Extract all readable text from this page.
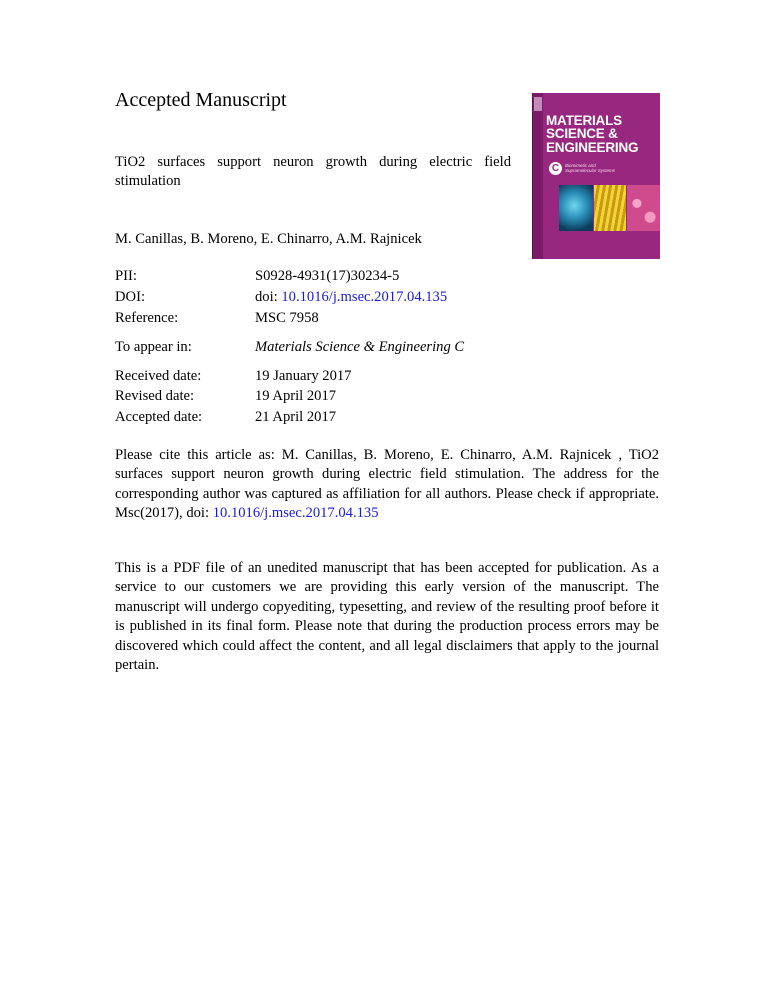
Accepted Manuscript
TiO2 surfaces support neuron growth during electric field
stimulation
M. Canillas, B. Moreno, E. Chinarro, A.M. Rajnicek
PII:	S0928-4931(17)30234-5
DOI:	doi: 10.1016/j.msec.2017.04.135
Reference:	MSC 7958
To appear in:	Materials Science & Engineering C
Received date:	19 January 2017
Revised date:	19 April 2017
Accepted date:	21 April 2017
Please cite this article as: M. Canillas, B. Moreno, E. Chinarro, A.M. Rajnicek , TiO2 surfaces support neuron growth during electric field stimulation. The address for the corresponding author was captured as affiliation for all authors. Please check if appropriate. Msc(2017), doi: 10.1016/j.msec.2017.04.135
This is a PDF file of an unedited manuscript that has been accepted for publication. As a service to our customers we are providing this early version of the manuscript. The manuscript will undergo copyediting, typesetting, and review of the resulting proof before it is published in its final form. Please note that during the production process errors may be discovered which could affect the content, and all legal disclaimers that apply to the journal pertain.
MATERIALS
SCIENCE &
ENGINEERING
C	Biomimetic and
Supramolecular Systems
